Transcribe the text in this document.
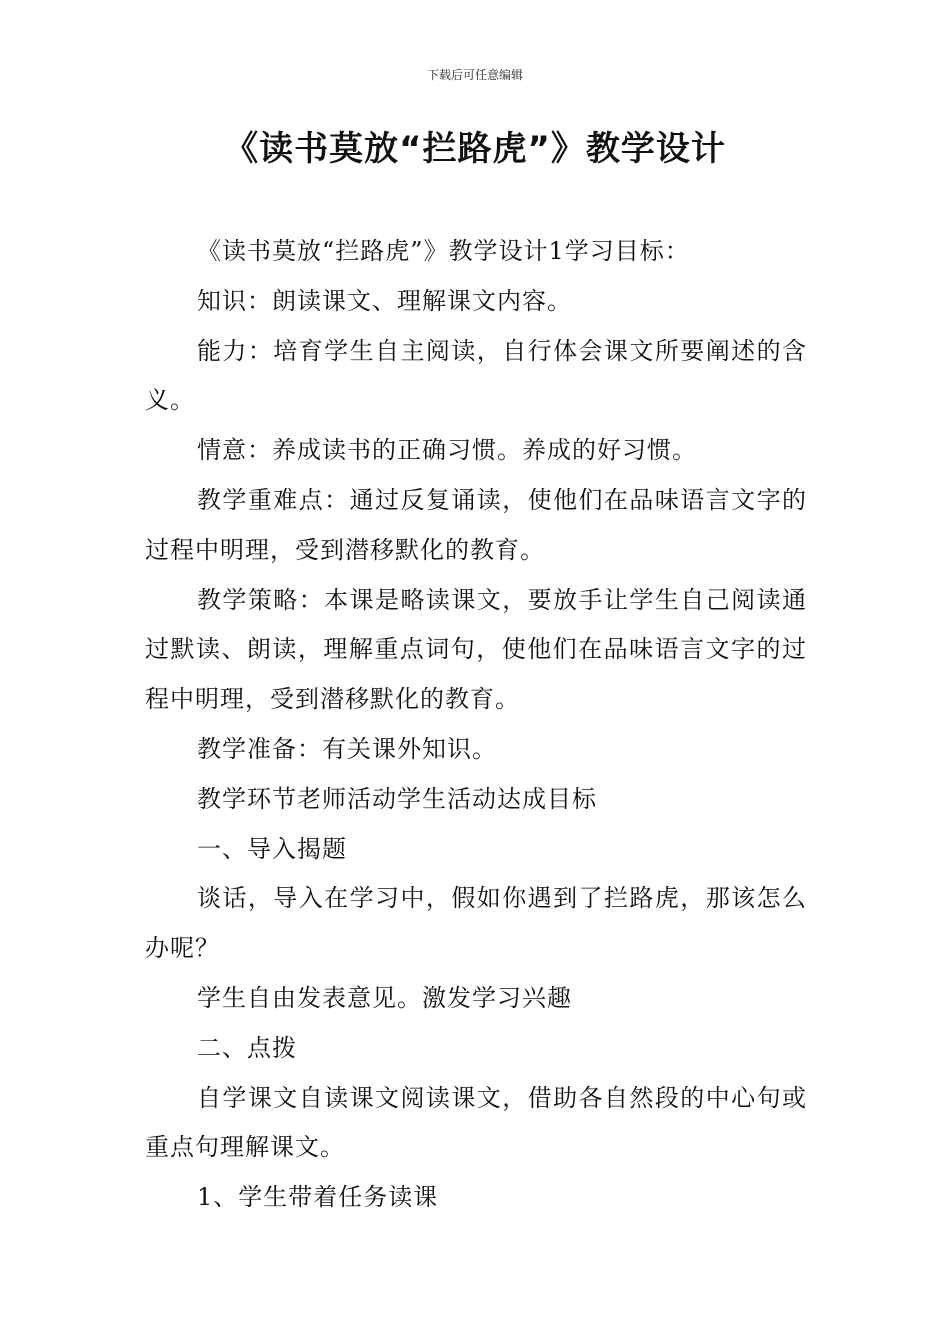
下载后可任意编辑
《读书莫放“拦路虎”》教学设计

《读书莫放“拦路虎”》教学设计1学习目标：

知识：朗读课文、理解课文内容。

能力：培育学生自主阅读，自行体会课文所要阐述的含义。

情意：养成读书的正确习惯。养成的好习惯。

教学重难点：通过反复诵读，使他们在品味语言文字的过程中明理，受到潜移默化的教育。

教学策略：本课是略读课文，要放手让学生自己阅读通过默读、朗读，理解重点词句，使他们在品味语言文字的过程中明理，受到潜移默化的教育。

教学准备：有关课外知识。

教学环节老师活动学生活动达成目标

一、导入揭题

谈话，导入在学习中，假如你遇到了拦路虎，那该怎么办呢？

学生自由发表意见。激发学习兴趣

二、点拨

自学课文自读课文阅读课文，借助各自然段的中心句或重点句理解课文。

1、学生带着任务读课
